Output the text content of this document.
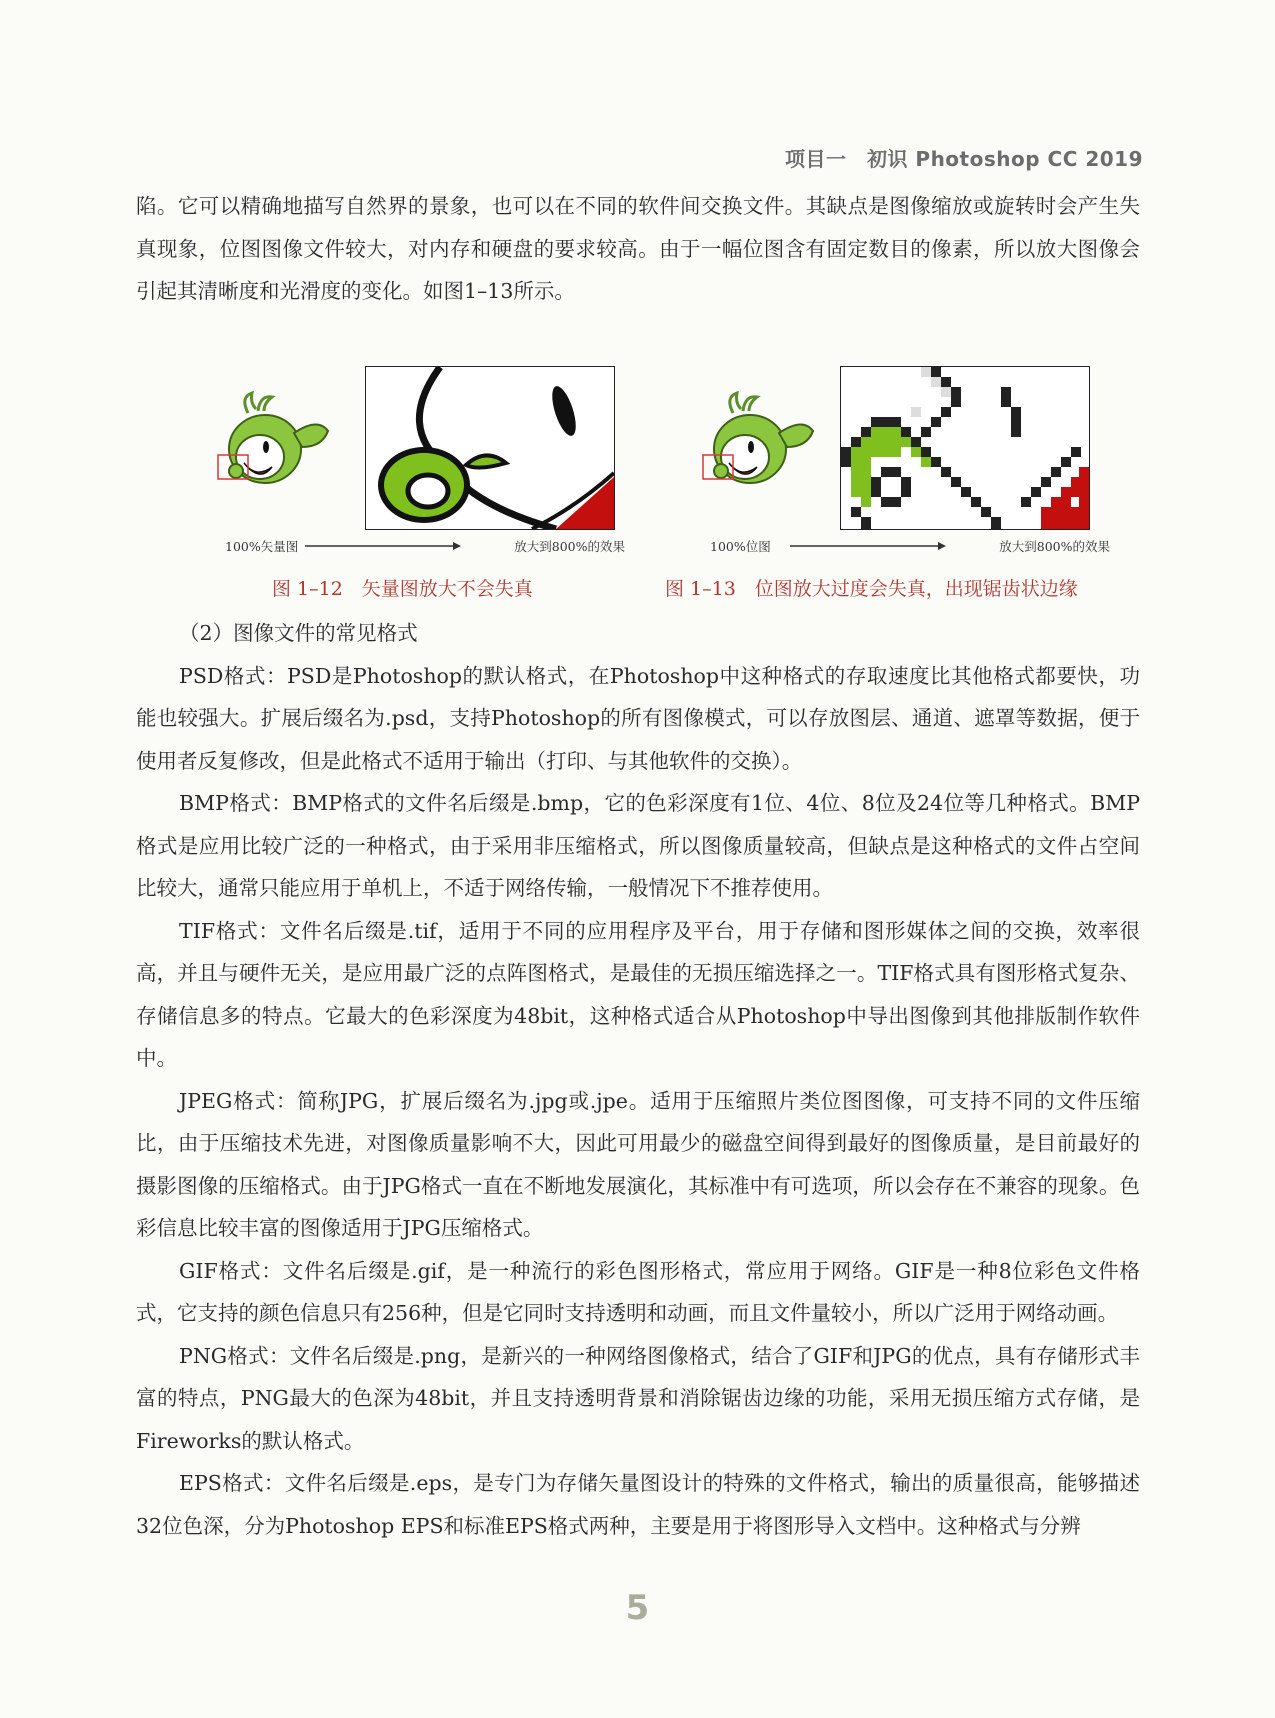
项目一　初识 Photoshop CC 2019

陷。它可以精确地描写自然界的景象，也可以在不同的软件间交换文件。其缺点是图像缩放或旋转时会产生失真现象，位图图像文件较大，对内存和硬盘的要求较高。由于一幅位图含有固定数目的像素，所以放大图像会引起其清晰度和光滑度的变化。如图1–13所示。

100%矢量图	放大到800%的效果
图 1–12　矢量图放大不会失真
100%位图	放大到800%的效果
图 1–13　位图放大过度会失真，出现锯齿状边缘

（2）图像文件的常见格式

PSD格式：PSD是Photoshop的默认格式，在Photoshop中这种格式的存取速度比其他格式都要快，功能也较强大。扩展后缀名为.psd，支持Photoshop的所有图像模式，可以存放图层、通道、遮罩等数据，便于使用者反复修改，但是此格式不适用于输出（打印、与其他软件的交换）。

BMP格式：BMP格式的文件名后缀是.bmp，它的色彩深度有1位、4位、8位及24位等几种格式。BMP格式是应用比较广泛的一种格式，由于采用非压缩格式，所以图像质量较高，但缺点是这种格式的文件占空间比较大，通常只能应用于单机上，不适于网络传输，一般情况下不推荐使用。

TIF格式：文件名后缀是.tif，适用于不同的应用程序及平台，用于存储和图形媒体之间的交换，效率很高，并且与硬件无关，是应用最广泛的点阵图格式，是最佳的无损压缩选择之一。TIF格式具有图形格式复杂、存储信息多的特点。它最大的色彩深度为48bit，这种格式适合从Photoshop中导出图像到其他排版制作软件中。

JPEG格式：简称JPG，扩展后缀名为.jpg或.jpe。适用于压缩照片类位图图像，可支持不同的文件压缩比，由于压缩技术先进，对图像质量影响不大，因此可用最少的磁盘空间得到最好的图像质量，是目前最好的摄影图像的压缩格式。由于JPG格式一直在不断地发展演化，其标准中有可选项，所以会存在不兼容的现象。色彩信息比较丰富的图像适用于JPG压缩格式。

GIF格式：文件名后缀是.gif，是一种流行的彩色图形格式，常应用于网络。GIF是一种8位彩色文件格式，它支持的颜色信息只有256种，但是它同时支持透明和动画，而且文件量较小，所以广泛用于网络动画。

PNG格式：文件名后缀是.png，是新兴的一种网络图像格式，结合了GIF和JPG的优点，具有存储形式丰富的特点，PNG最大的色深为48bit，并且支持透明背景和消除锯齿边缘的功能，采用无损压缩方式存储，是Fireworks的默认格式。

EPS格式：文件名后缀是.eps，是专门为存储矢量图设计的特殊的文件格式，输出的质量很高，能够描述32位色深，分为Photoshop EPS和标准EPS格式两种，主要是用于将图形导入文档中。这种格式与分辨

5
